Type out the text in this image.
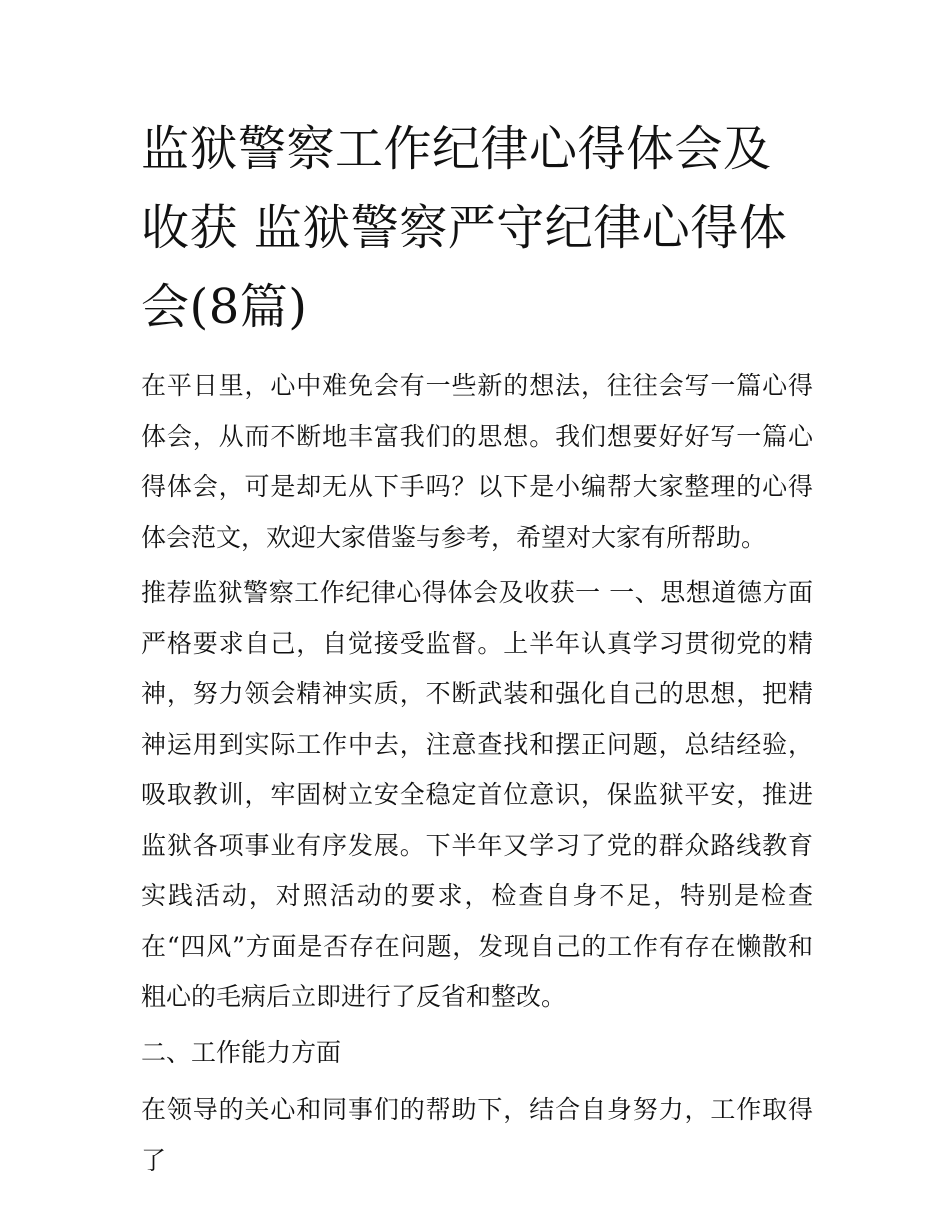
监狱警察工作纪律心得体会及收获 监狱警察严守纪律心得体会(8篇)

在平日里，心中难免会有一些新的想法，往往会写一篇心得体会，从而不断地丰富我们的思想。我们想要好好写一篇心得体会，可是却无从下手吗？以下是小编帮大家整理的心得体会范文，欢迎大家借鉴与参考，希望对大家有所帮助。

推荐监狱警察工作纪律心得体会及收获一 一、思想道德方面严格要求自己，自觉接受监督。上半年认真学习贯彻党的精神，努力领会精神实质，不断武装和强化自己的思想，把精神运用到实际工作中去，注意查找和摆正问题，总结经验，吸取教训，牢固树立安全稳定首位意识，保监狱平安，推进监狱各项事业有序发展。下半年又学习了党的群众路线教育实践活动，对照活动的要求，检查自身不足，特别是检查在“四风”方面是否存在问题，发现自己的工作有存在懒散和粗心的毛病后立即进行了反省和整改。

二、工作能力方面

在领导的关心和同事们的帮助下，结合自身努力，工作取得了
